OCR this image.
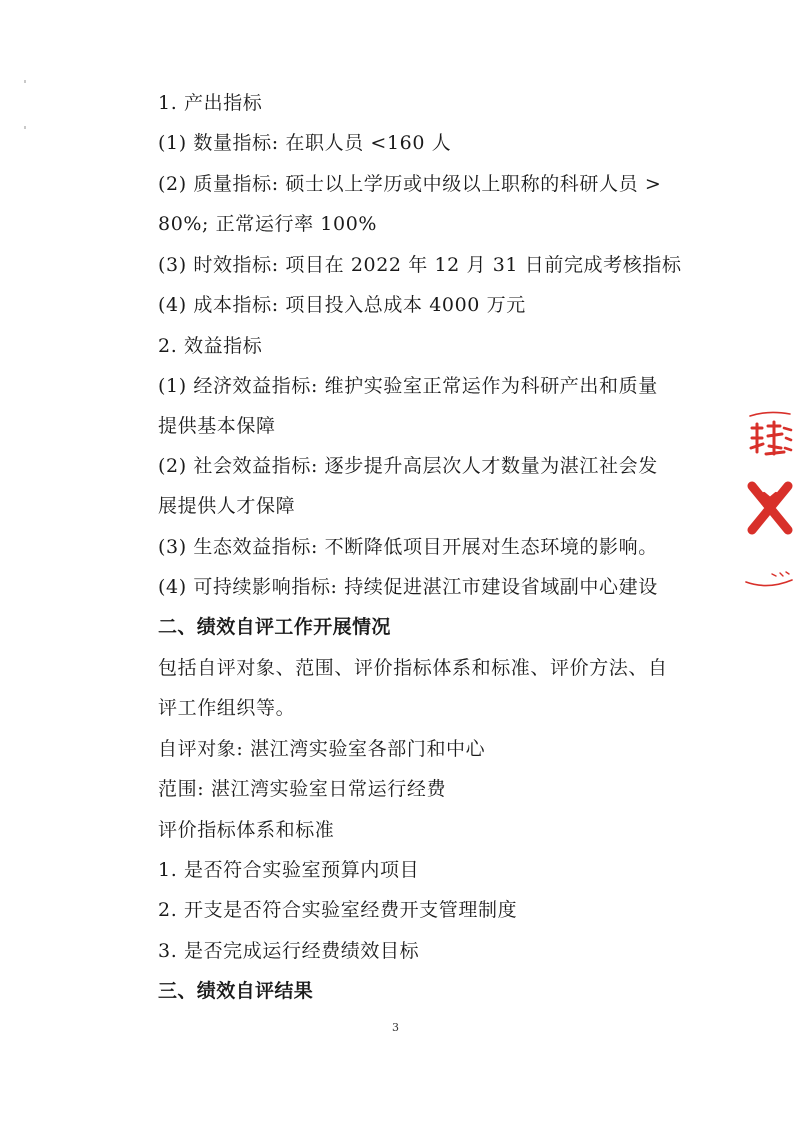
1. 产出指标
(1) 数量指标: 在职人员 <160 人
(2) 质量指标: 硕士以上学历或中级以上职称的科研人员 >
80%; 正常运行率 100%
(3) 时效指标: 项目在 2022 年 12 月 31 日前完成考核指标
(4) 成本指标: 项目投入总成本 4000 万元
2. 效益指标
(1) 经济效益指标: 维护实验室正常运作为科研产出和质量
提供基本保障
(2) 社会效益指标: 逐步提升高层次人才数量为湛江社会发
展提供人才保障
(3) 生态效益指标: 不断降低项目开展对生态环境的影响。
(4) 可持续影响指标: 持续促进湛江市建设省域副中心建设
二、绩效自评工作开展情况
包括自评对象、范围、评价指标体系和标准、评价方法、自
评工作组织等。
自评对象: 湛江湾实验室各部门和中心
范围: 湛江湾实验室日常运行经费
评价指标体系和标准
1. 是否符合实验室预算内项目
2. 开支是否符合实验室经费开支管理制度
3. 是否完成运行经费绩效目标
三、绩效自评结果
3
